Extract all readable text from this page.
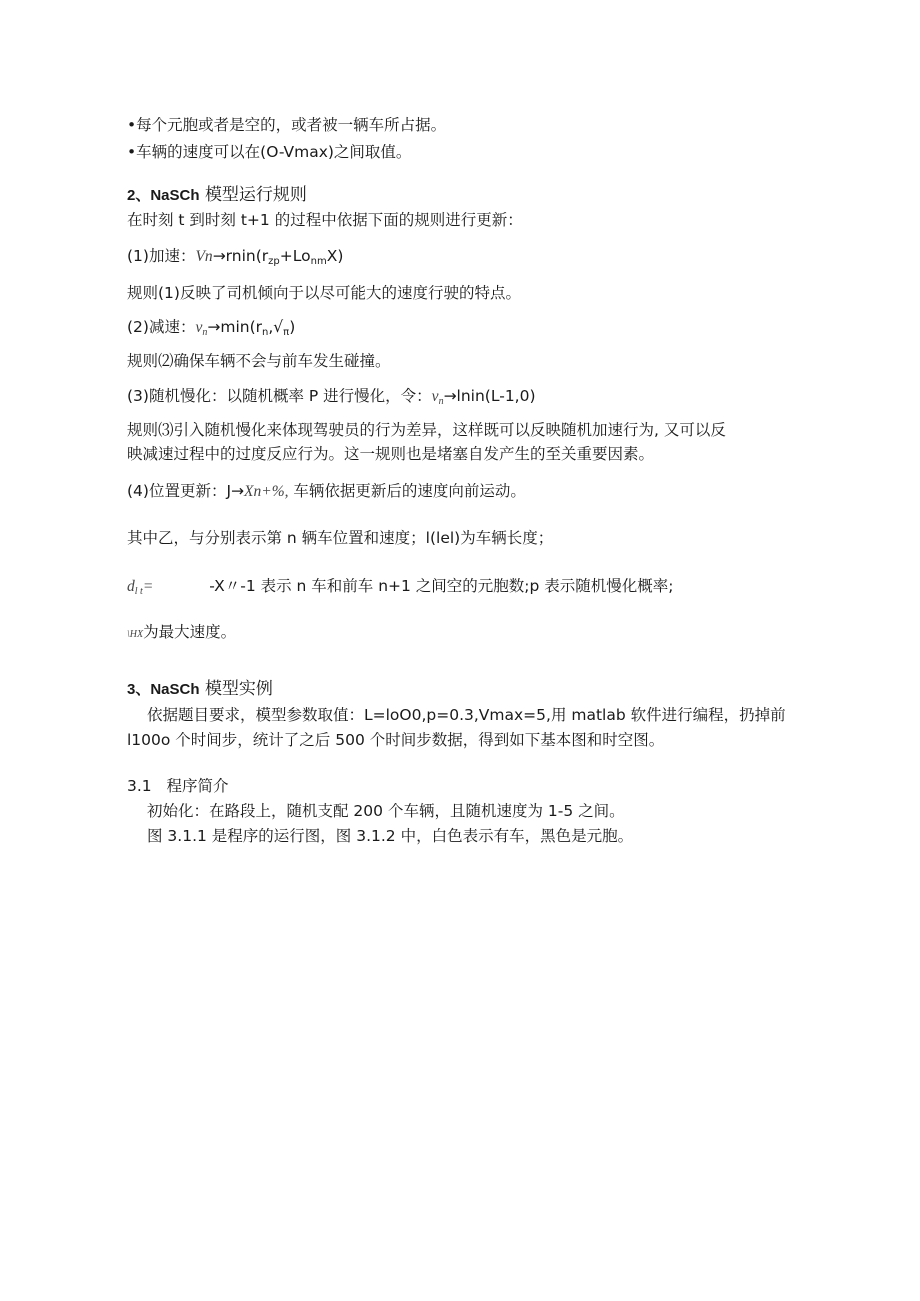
•每个元胞或者是空的，或者被一辆车所占据。
•车辆的速度可以在(O-Vmax)之间取值。
2、NaSCh 模型运行规则
在时刻 t 到时刻 t+1 的过程中依据下面的规则进行更新：
(1)加速：$Vn\to rnin(r_{zp}+Lo_{nm}X)$
规则(1)反映了司机倾向于以尽可能大的速度行驶的特点。
(2)减速：$v_n\to\min(r_n,√_\pi)$
规则⑵确保车辆不会与前车发生碰撞。
(3)随机慢化：以随机概率 P 进行慢化，令：$v_n\to lnin(L-1,0)$
规则⑶引入随机慢化来体现驾驶员的行为差异，这样既可以反映随机加速行为, 又可以反
映减速过程中的过度反应行为。这一规则也是堵塞自发产生的至关重要因素。
(4)位置更新：J→Xn+%, 车辆依据更新后的速度向前运动。
其中乙，与分别表示第 n 辆车位置和速度；l(lel)为车辆长度；
$d_{l t}=$	-X〃-1 表示 n 车和前车 n+1 之间空的元胞数;p 表示随机慢化概率;
\HX为最大速度。
3、NaSCh 模型实例
依据题目要求，模型参数取值：L=loO0,p=0.3,Vmax=5,用 matlab 软件进行编程，扔掉前
l100o 个时间步，统计了之后 500 个时间步数据，得到如下基本图和时空图。
3.1 程序简介
初始化：在路段上，随机支配 200 个车辆，且随机速度为 1-5 之间。
图 3.1.1 是程序的运行图，图 3.1.2 中，白色表示有车，黑色是元胞。
